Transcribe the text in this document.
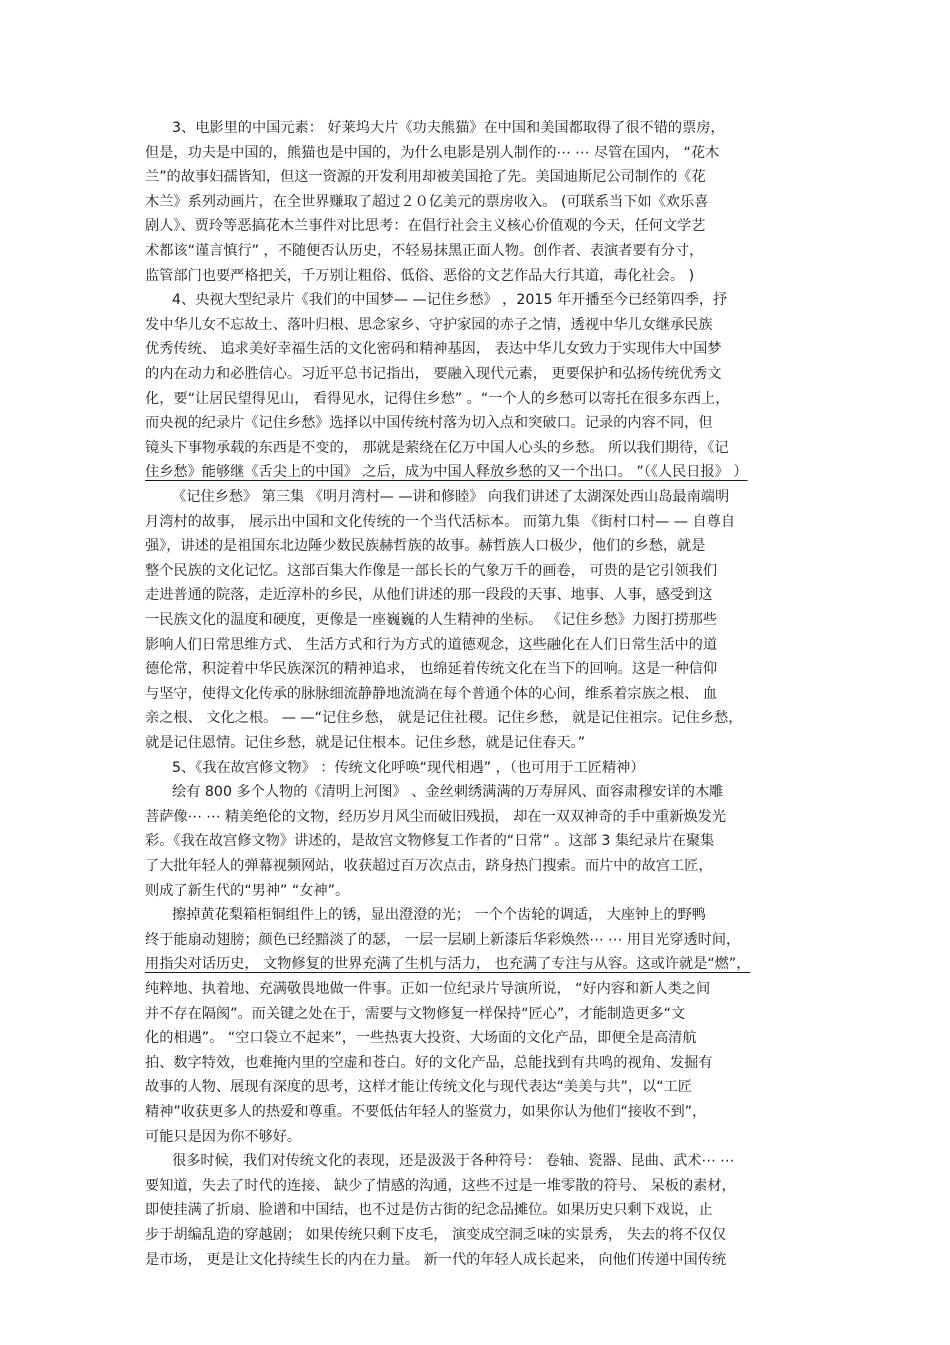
3、电影里的中国元素： 好莱坞大片《功夫熊猫》在中国和美国都取得了很不错的票房，
但是，功夫是中国的，熊猫也是中国的，为什么电影是别人制作的⋯ ⋯ 尽管在国内， “花木
兰”的故事妇孺皆知，但这一资源的开发利用却被美国抢了先。美国迪斯尼公司制作的《花
木兰》系列动画片，在全世界赚取了超过２０亿美元的票房收入。 (可联系当下如《欢乐喜
剧人》、贾玲等恶搞花木兰事件对比思考：在倡行社会主义核心价值观的今天，任何文学艺
术都该“谨言慎行” ，不随便否认历史，不轻易抹黑正面人物。创作者、表演者要有分寸，
监管部门也要严格把关，千万别让粗俗、低俗、恶俗的文艺作品大行其道，毒化社会。 )
4、央视大型纪录片《我们的中国梦— —记住乡愁》 ，2015 年开播至今已经第四季，抒
发中华儿女不忘故土、落叶归根、思念家乡、守护家园的赤子之情，透视中华儿女继承民族
优秀传统、 追求美好幸福生活的文化密码和精神基因， 表达中华儿女致力于实现伟大中国梦
的内在动力和必胜信心。习近平总书记指出， 要融入现代元素， 更要保护和弘扬传统优秀文
化，要“让居民望得见山， 看得见水，记得住乡愁” 。“一个人的乡愁可以寄托在很多东西上，
而央视的纪录片《记住乡愁》选择以中国传统村落为切入点和突破口。记录的内容不同，但
镜头下事物承载的东西是不变的， 那就是萦绕在亿万中国人心头的乡愁。 所以我们期待，《记
住乡愁》能够继《舌尖上的中国》 之后，成为中国人释放乡愁的又一个出口。 ”（《人民日报》 ）
《记住乡愁》 第三集 《明月湾村— —讲和修睦》 向我们讲述了太湖深处西山岛最南端明
月湾村的故事， 展示出中国和文化传统的一个当代活标本。 而第九集 《街村口村— — 自尊自
强》，讲述的是祖国东北边陲少数民族赫哲族的故事。赫哲族人口极少，他们的乡愁，就是
整个民族的文化记忆。这部百集大作像是一部长长的气象万千的画卷， 可贵的是它引领我们
走进普通的院落，走近淳朴的乡民，从他们讲述的那一段段的天事、地事、人事，感受到这
一民族文化的温度和硬度，更像是一座巍巍的人生精神的坐标。 《记住乡愁》力图打捞那些
影响人们日常思维方式、 生活方式和行为方式的道德观念，这些融化在人们日常生活中的道
德伦常，积淀着中华民族深沉的精神追求， 也绵延着传统文化在当下的回响。这是一种信仰
与坚守，使得文化传承的脉脉细流静静地流淌在每个普通个体的心间，维系着宗族之根、 血
亲之根、 文化之根。 — —“记住乡愁， 就是记住社稷。记住乡愁， 就是记住祖宗。记住乡愁，
就是记住恩情。记住乡愁，就是记住根本。记住乡愁，就是记住春天。”
5、《我在故宫修文物》 ：传统文化呼唤“现代相遇” ，（也可用于工匠精神）
绘有 800 多个人物的《清明上河图》 、金丝刺绣满满的万寿屏风、面容肃穆安详的木雕
菩萨像⋯ ⋯ 精美绝伦的文物，经历岁月风尘而破旧残损， 却在一双双神奇的手中重新焕发光
彩。《我在故宫修文物》讲述的，是故宫文物修复工作者的“日常” 。这部 3 集纪录片在聚集
了大批年轻人的弹幕视频网站，收获超过百万次点击，跻身热门搜索。而片中的故宫工匠，
则成了新生代的“男神” “女神”。
擦掉黄花梨箱柜铜组件上的锈，显出澄澄的光； 一个个齿轮的调适， 大座钟上的野鸭
终于能扇动翅膀；颜色已经黯淡了的瑟， 一层一层刷上新漆后华彩焕然⋯ ⋯ 用目光穿透时间，
用指尖对话历史， 文物修复的世界充满了生机与活力， 也充满了专注与从容。这或许就是“燃”，
纯粹地、执着地、充满敬畏地做一件事。正如一位纪录片导演所说， “好内容和新人类之间
并不存在隔阂”。而关键之处在于，需要与文物修复一样保持“匠心”，才能制造更多“文
化的相遇”。 “空口袋立不起来”，一些热衷大投资、大场面的文化产品，即便全是高清航
拍、数字特效，也难掩内里的空虚和苍白。好的文化产品，总能找到有共鸣的视角、发掘有
故事的人物、展现有深度的思考，这样才能让传统文化与现代表达“美美与共”，以“工匠
精神”收获更多人的热爱和尊重。不要低估年轻人的鉴赏力，如果你认为他们“接收不到”，
可能只是因为你不够好。
很多时候，我们对传统文化的表现，还是汲汲于各种符号： 卷轴、瓷器、昆曲、武术⋯ ⋯
要知道，失去了时代的连接、 缺少了情感的沟通，这些不过是一堆零散的符号、 呆板的素材，
即使挂满了折扇、脸谱和中国结，也不过是仿古街的纪念品摊位。如果历史只剩下戏说，止
步于胡编乱造的穿越剧； 如果传统只剩下皮毛， 演变成空洞乏味的实景秀， 失去的将不仅仅
是市场， 更是让文化持续生长的内在力量。 新一代的年轻人成长起来， 向他们传递中国传统
